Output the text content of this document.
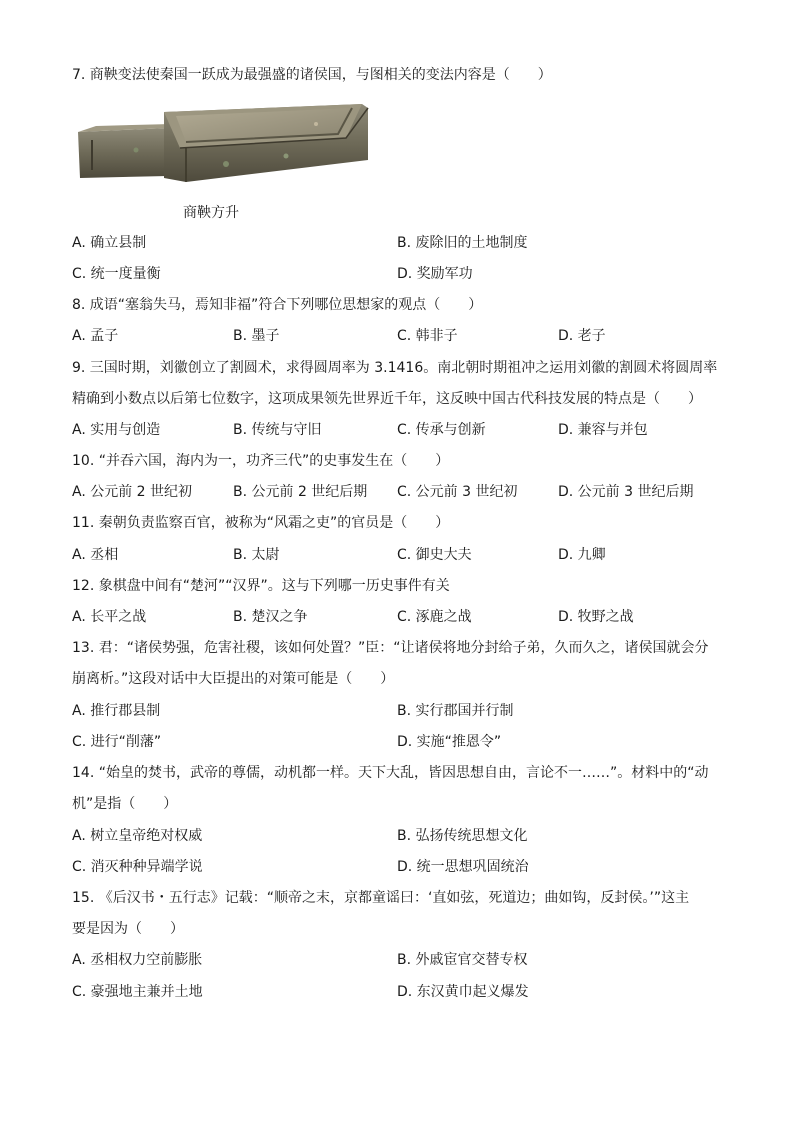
7. 商鞅变法使秦国一跃成为最强盛的诸侯国，与图相关的变法内容是（　　）
商鞅方升
A. 确立县制	B. 废除旧的土地制度
C. 统一度量衡	D. 奖励军功
8. 成语“塞翁失马，焉知非福”符合下列哪位思想家的观点（　　）
A. 孟子	B. 墨子	C. 韩非子	D. 老子
9. 三国时期，刘徽创立了割圆术，求得圆周率为 3.1416。南北朝时期祖冲之运用刘徽的割圆术将圆周率
精确到小数点以后第七位数字，这项成果领先世界近千年，这反映中国古代科技发展的特点是（　　）
A. 实用与创造	B. 传统与守旧	C. 传承与创新	D. 兼容与并包
10. “并吞六国，海内为一，功齐三代”的史事发生在（　　）
A. 公元前 2 世纪初	B. 公元前 2 世纪后期 C. 公元前 3 世纪初	D. 公元前 3 世纪后期
11. 秦朝负责监察百官，被称为“风霜之吏”的官员是（　　）
A. 丞相	B. 太尉	C. 御史大夫	D. 九卿
12. 象棋盘中间有“楚河”“汉界”。这与下列哪一历史事件有关
A. 长平之战	B. 楚汉之争	C. 涿鹿之战	D. 牧野之战
13. 君：“诸侯势强，危害社稷，该如何处置？”臣：“让诸侯将地分封给子弟，久而久之，诸侯国就会分
崩离析。”这段对话中大臣提出的对策可能是（　　）
A. 推行郡县制	B. 实行郡国并行制
C. 进行“削藩”	D. 实施“推恩令”
14. “始皇的焚书，武帝的尊儒，动机都一样。天下大乱，皆因思想自由，言论不一……”。材料中的“动
机”是指（　　）
A. 树立皇帝绝对权威	B. 弘扬传统思想文化
C. 消灭种种异端学说	D. 统一思想巩固统治
15. 《后汉书・五行志》记载：“顺帝之末，京都童谣曰：‘直如弦，死道边；曲如钩，反封侯。’”这主
要是因为（　　）
A. 丞相权力空前膨胀	B. 外戚宦官交替专权
C. 豪强地主兼并土地	D. 东汉黄巾起义爆发
